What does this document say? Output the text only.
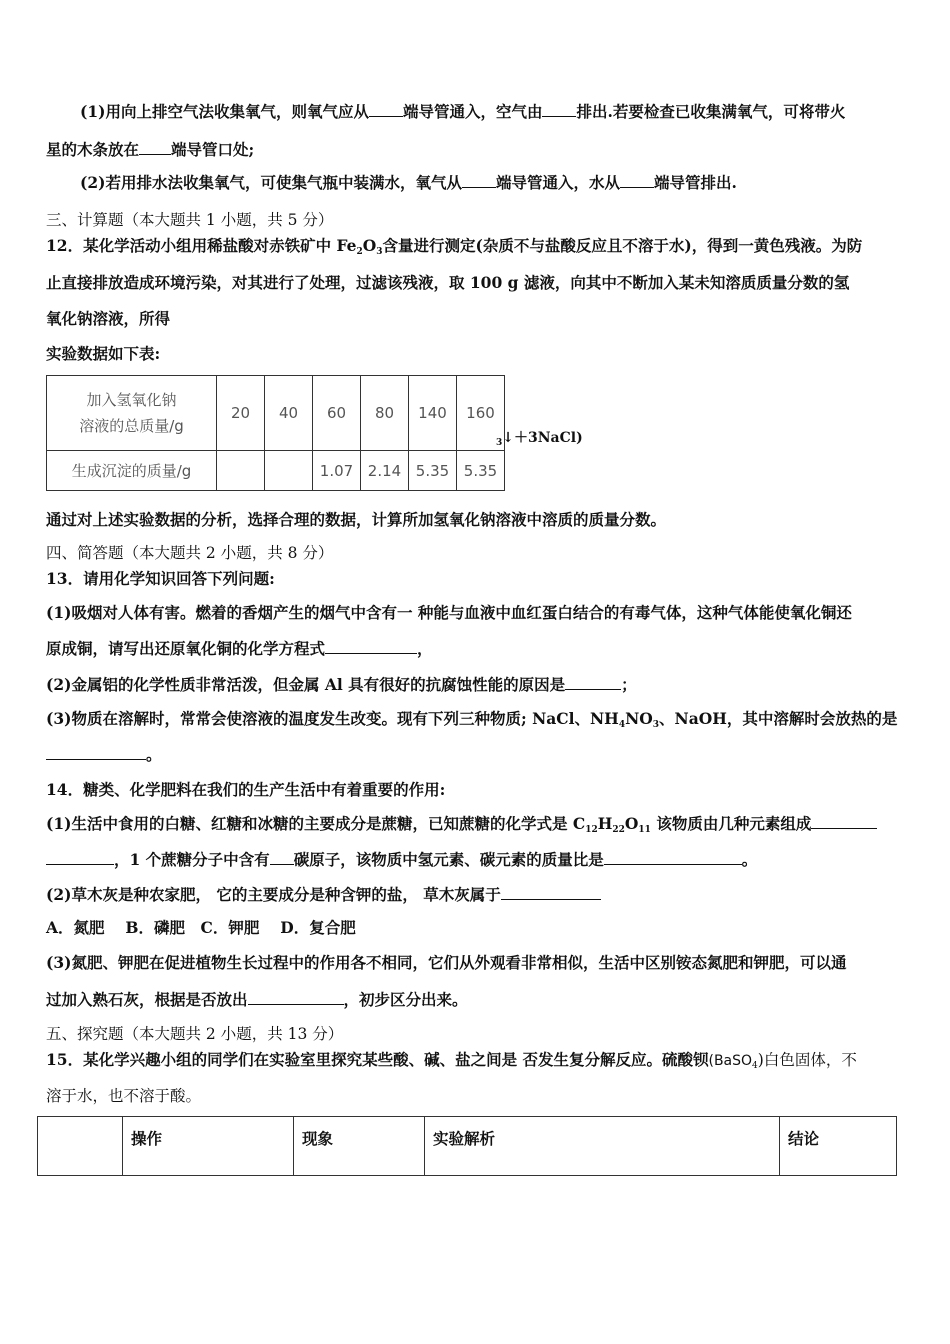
(1)用向上排空气法收集氧气，则氧气应从 端导管通入，空气由 排出.若要检查已收集满氧气，可将带火
星的木条放在 端导管口处;
(2)若用排水法收集氧气，可使集气瓶中装满水，氧气从 端导管通入，水从 端导管排出.
三、计算题（本大题共 1 小题，共 5 分）
12．某化学活动小组用稀盐酸对赤铁矿中 $Fe_2O_3$含量进行测定(杂质不与盐酸反应且不溶于水)，得到一黄色残液。为防
止直接排放造成环境污染，对其进行了处理，过滤该残液，取 100 g 滤液，向其中不断加入某未知溶质质量分数的氢
氧化钠溶液，所得
实验数据如下表:
加入氢氧化钠
溶液的总质量/g	20	40	60	80	140	160
生成沉淀的质量/g			1.07	2.14	5.35	5.35
$_3$↓＋3NaCl)
通过对上述实验数据的分析，选择合理的数据，计算所加氢氧化钠溶液中溶质的质量分数。
四、简答题（本大题共 2 小题，共 8 分）
13．请用化学知识回答下列问题:
(1)吸烟对人体有害。燃着的香烟产生的烟气中含有一 种能与血液中血红蛋白结合的有毒气体，这种气体能使氧化铜还
原成铜，请写出还原氧化铜的化学方程式	，
(2)金属铝的化学性质非常活泼，但金属 Al 具有很好的抗腐蚀性能的原因是	；
(3)物质在溶解时，常常会使溶液的温度发生改变。现有下列三种物质; NaCl、$NH_4NO_3$、NaOH，其中溶解时会放热的是
。
14．糖类、化学肥料在我们的生产生活中有着重要的作用:
(1)生活中食用的白糖、红糖和冰糖的主要成分是蔗糖，已知蔗糖的化学式是 $C_{12}H_{22}O_{11}$ 该物质由几种元素组成
，1 个蔗糖分子中含有 碳原子，该物质中氢元素、碳元素的质量比是	。
(2)草木灰是种农家肥， 它的主要成分是种含钾的盐， 草木灰属于
A．氮肥　 B．磷肥　C．钾肥　 D．复合肥
(3)氮肥、钾肥在促进植物生长过程中的作用各不相同，它们从外观看非常相似，生活中区别铵态氮肥和钾肥，可以通
过加入熟石灰，根据是否放出	，初步区分出来。
五、探究题（本大题共 2 小题，共 13 分）
15．某化学兴趣小组的同学们在实验室里探究某些酸、碱、盐之间是 否发生复分解反应。硫酸钡(BaSO$_4$)白色固体，不
溶于水，也不溶于酸。
	操作	现象	实验解析	结论
